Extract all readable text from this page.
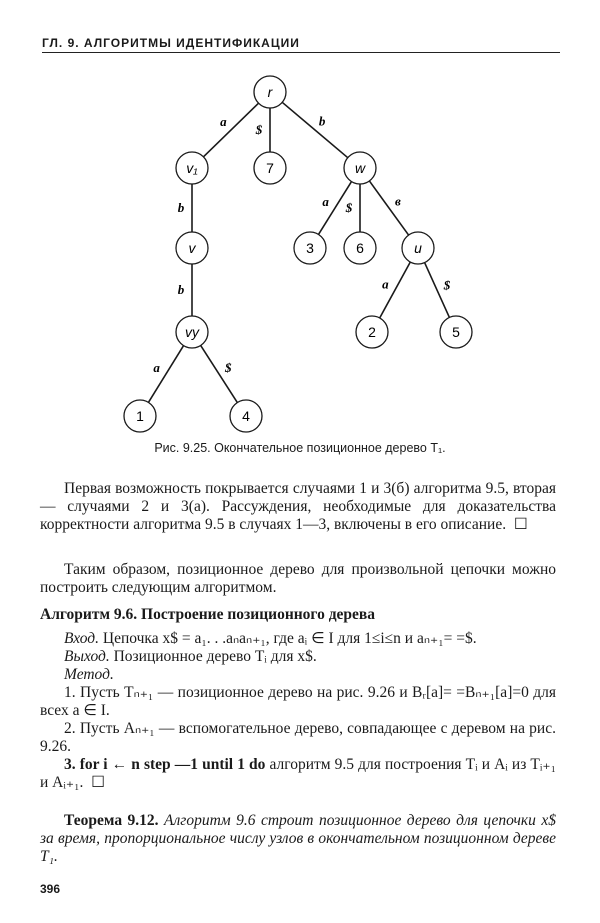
ГЛ. 9. АЛГОРИТМЫ ИДЕНТИФИКАЦИИ
a
$
b
b
b
a	$
a $	в
a	$
r
v₁	7	w
v	3	6	u
vy	2	5
1	4
Рис. 9.25. Окончательное позиционное дерево T₁.

Первая возможность покрывается случаями 1 и 3(б) алгоритма 9.5, вторая — случаями 2 и 3(а). Рассуждения, необходимые для доказательства корректности алгоритма 9.5 в случаях 1—3, включены в его описание. ☐

Таким образом, позиционное дерево для произвольной цепочки можно построить следующим алгоритмом.

Алгоритм 9.6. Построение позиционного дерева

Вход. Цепочка x$ = a₁. . .aₙaₙ₊₁, где aᵢ ∈ I для 1≤i≤n и aₙ₊₁= =$.

Выход. Позиционное дерево Tᵢ для x$.

Метод.

1. Пусть Tₙ₊₁ — позиционное дерево на рис. 9.26 и Bᵣ[a]= =Bₙ₊₁[a]=0 для всех a ∈ I.

2. Пусть Aₙ₊₁ — вспомогательное дерево, совпадающее с деревом на рис. 9.26.

3. for i ← n step —1 until 1 do алгоритм 9.5 для построения Tᵢ и Aᵢ из Tᵢ₊₁ и Aᵢ₊₁. ☐

Теорема 9.12. Алгоритм 9.6 строит позиционное дерево для цепочки x$ за время, пропорциональное числу узлов в окончательном позиционном дереве T₁.

396
